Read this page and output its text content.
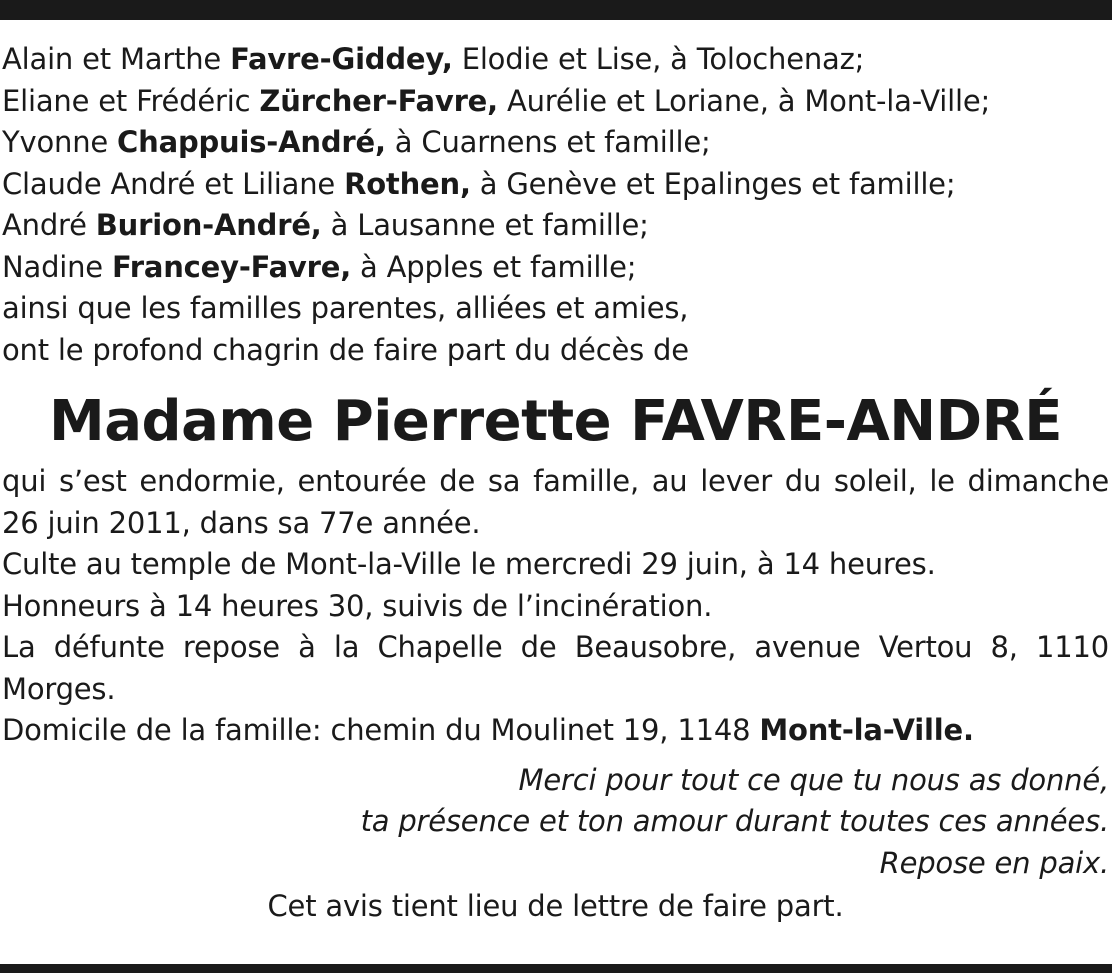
Alain et Marthe Favre-Giddey, Elodie et Lise, à Tolochenaz;
Eliane et Frédéric Zürcher-Favre, Aurélie et Loriane, à Mont-la-Ville;
Yvonne Chappuis-André, à Cuarnens et famille;
Claude André et Liliane Rothen, à Genève et Epalinges et famille;
André Burion-André, à Lausanne et famille;
Nadine Francey-Favre, à Apples et famille;
ainsi que les familles parentes, alliées et amies,
ont le profond chagrin de faire part du décès de
Madame Pierrette FAVRE-ANDRÉ
qui s’est endormie, entourée de sa famille, au lever du soleil, le dimanche
26 juin 2011, dans sa 77e année.
Culte au temple de Mont-la-Ville le mercredi 29 juin, à 14 heures.
Honneurs à 14 heures 30, suivis de l’incinération.
La défunte repose à la Chapelle de Beausobre, avenue Vertou 8, 1110
Morges.
Domicile de la famille: chemin du Moulinet 19, 1148 Mont-la-Ville.
Merci pour tout ce que tu nous as donné,
ta présence et ton amour durant toutes ces années.
Repose en paix.
Cet avis tient lieu de lettre de faire part.
